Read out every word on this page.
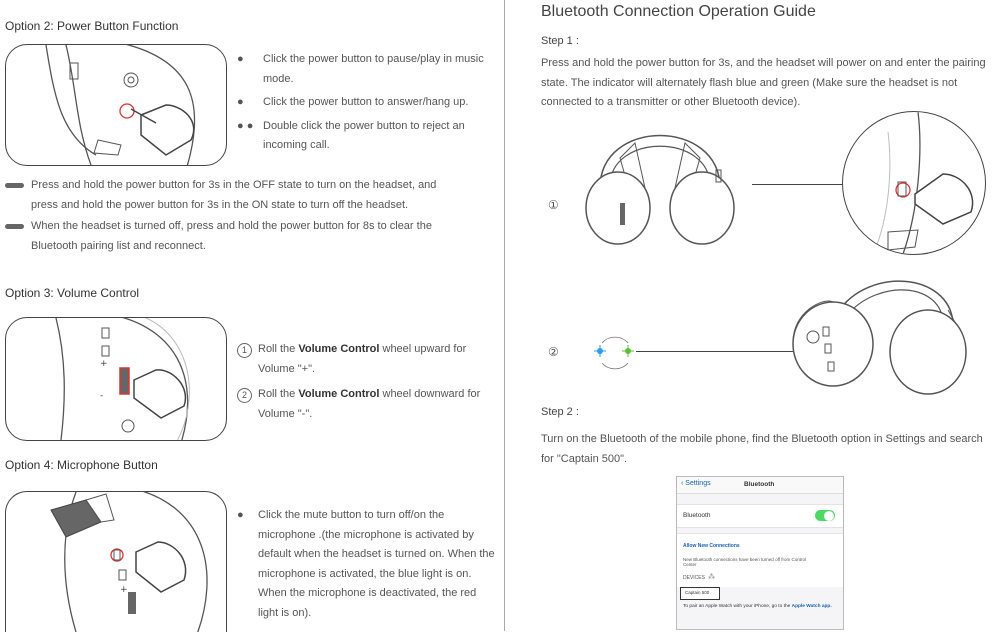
Option 2: Power Button Function
● Click the power button to pause/play in music mode.
● Click the power button to answer/hang up.
● ● Double click the power button to reject an incoming call.
Press and hold the power button for 3s in the OFF state to turn on the headset, and press and hold the power button for 3s in the ON state to turn off the headset.
When the headset is turned off, press and hold the power button for 8s to clear the Bluetooth pairing list and reconnect.
Option 3: Volume Control
+
-
1	Roll the Volume Control wheel upward for Volume "+".
2	Roll the Volume Control wheel downward for Volume "-".
Option 4: Microphone Button
+
● Click the mute button to turn off/on the microphone .(the microphone is activated by default when the headset is turned on. When the microphone is activated, the blue light is on. When the microphone is deactivated, the red light is on).
Bluetooth Connection Operation Guide
Step 1 :
Press and hold the power button for 3s, and the headset will power on and enter the pairing state. The indicator will alternately flash blue and green (Make sure the headset is not connected to a transmitter or other Bluetooth device).
①
②
Step 2 :
Turn on the Bluetooth of the mobile phone, find the Bluetooth option in Settings and search for "Captain 500".
‹ Settings	Bluetooth
Bluetooth
Allow New Connections
New Bluetooth connections have been turned off from Control Center
DEVICES ⁂
Captain 500
To pair an Apple Watch with your iPhone, go to the Apple Watch app.
